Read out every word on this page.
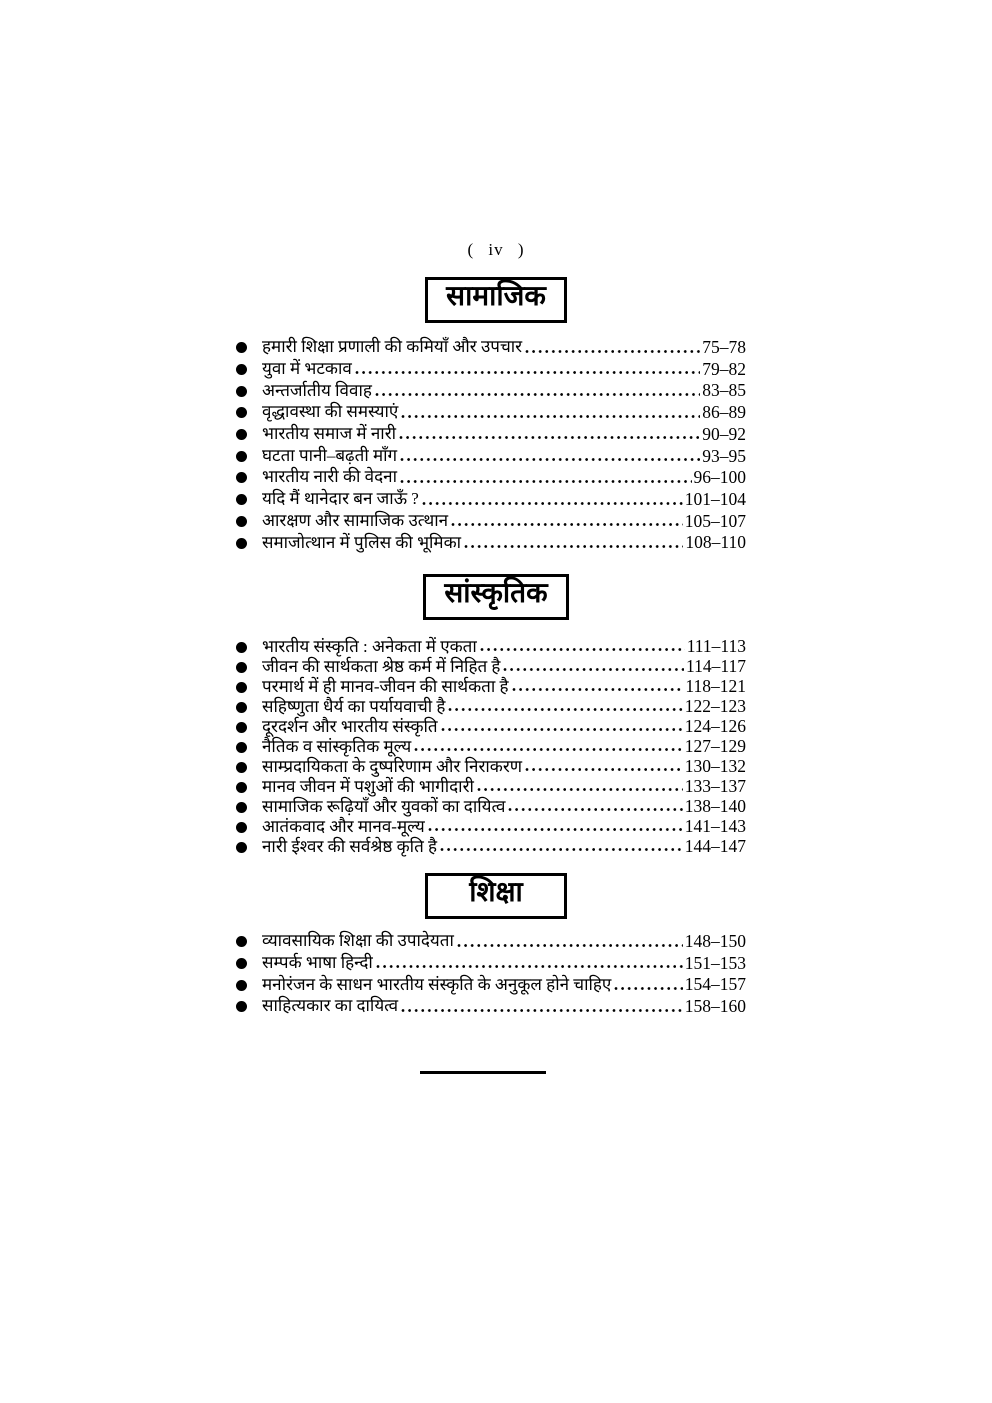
( iv )
सामाजिक
हमारी शिक्षा प्रणाली की कमियाँ और उपचार	75–78
युवा में भटकाव	79–82
अन्तर्जातीय विवाह	83–85
वृद्धावस्था की समस्याएं	86–89
भारतीय समाज में नारी	90–92
घटता पानी–बढ़ती माँग	93–95
भारतीय नारी की वेदना	96–100
यदि मैं थानेदार बन जाऊँ ?	101–104
आरक्षण और सामाजिक उत्थान	105–107
समाजोत्थान में पुलिस की भूमिका	108–110
सांस्कृतिक
भारतीय संस्कृति : अनेकता में एकता	111–113
जीवन की सार्थकता श्रेष्ठ कर्म में निहित है	114–117
परमार्थ में ही मानव-जीवन की सार्थकता है	118–121
सहिष्णुता धैर्य का पर्यायवाची है	122–123
दूरदर्शन और भारतीय संस्कृति	124–126
नैतिक व सांस्कृतिक मूल्य	127–129
साम्प्रदायिकता के दुष्परिणाम और निराकरण	130–132
मानव जीवन में पशुओं की भागीदारी	133–137
सामाजिक रूढ़ियाँ और युवकों का दायित्व	138–140
आतंकवाद और मानव-मूल्य	141–143
नारी ईश्वर की सर्वश्रेष्ठ कृति है	144–147
शिक्षा
व्यावसायिक शिक्षा की उपादेयता	148–150
सम्पर्क भाषा हिन्दी	151–153
मनोरंजन के साधन भारतीय संस्कृति के अनुकूल होने चाहिए	154–157
साहित्यकार का दायित्व	158–160
